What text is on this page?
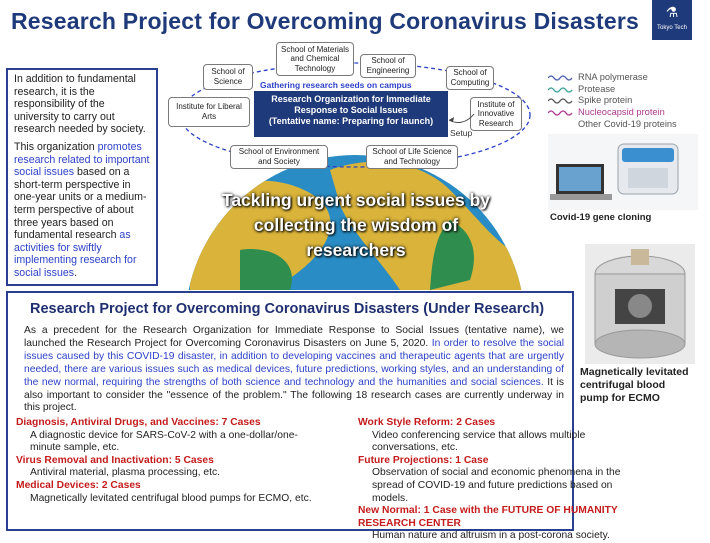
Research Project for Overcoming Coronavirus Disasters	⚗
Tokyo Tech

In addition to fundamental research, it is the responsibility of the university to carry out research needed by society.

This organization promotes research related to important social issues based on a short-term perspective in one-year units or a medium-term perspective of about three years based on fundamental research as activities for swiftly implementing research for social issues.

School of Science
School of Materials and Chemical Technology
School of Engineering	School of Computing
Institute for Liberal Arts
Institute of Innovative Research
School of Environment and Society
School of Life Science and Technology
Gathering research seeds on campus
Research Organization for Immediate
Response to Social Issues
(Tentative name: Preparing for launch)
Setup
Tackling urgent social issues by collecting the wisdom of researchers
RNA polymerase
Protease
Spike protein
Nucleocapsid protein
Other Covid-19 proteins
Covid-19 gene cloning
Magnetically levitated centrifugal blood pump for ECMO
Research Project for Overcoming Coronavirus Disasters (Under Research)
As a precedent for the Research Organization for Immediate Response to Social Issues (tentative name), we launched the Research Project for Overcoming Coronavirus Disasters on June 5, 2020. In order to resolve the social issues caused by this COVID-19 disaster, in addition to developing vaccines and therapeutic agents that are urgently needed, there are various issues such as medical devices, future predictions, working styles, and an understanding of the new normal, requiring the strengths of both science and technology and the humanities and social sciences. It is also important to consider the "essence of the problem." The following 18 research cases are currently underway in this project.
Diagnosis, Antiviral Drugs, and Vaccines: 7 Cases
A diagnostic device for SARS-CoV-2 with a one-dollar/one-minute sample, etc.
Virus Removal and Inactivation: 5 Cases
Antiviral material, plasma processing, etc.
Medical Devices: 2 Cases
Magnetically levitated centrifugal blood pumps for ECMO, etc.
Work Style Reform: 2 Cases
Video conferencing service that allows multiple conversations, etc.
Future Projections: 1 Case
Observation of social and economic phenomena in the spread of COVID-19 and future predictions based on models.
New Normal: 1 Case with the FUTURE OF HUMANITY RESEARCH CENTER
Human nature and altruism in a post-corona society.
